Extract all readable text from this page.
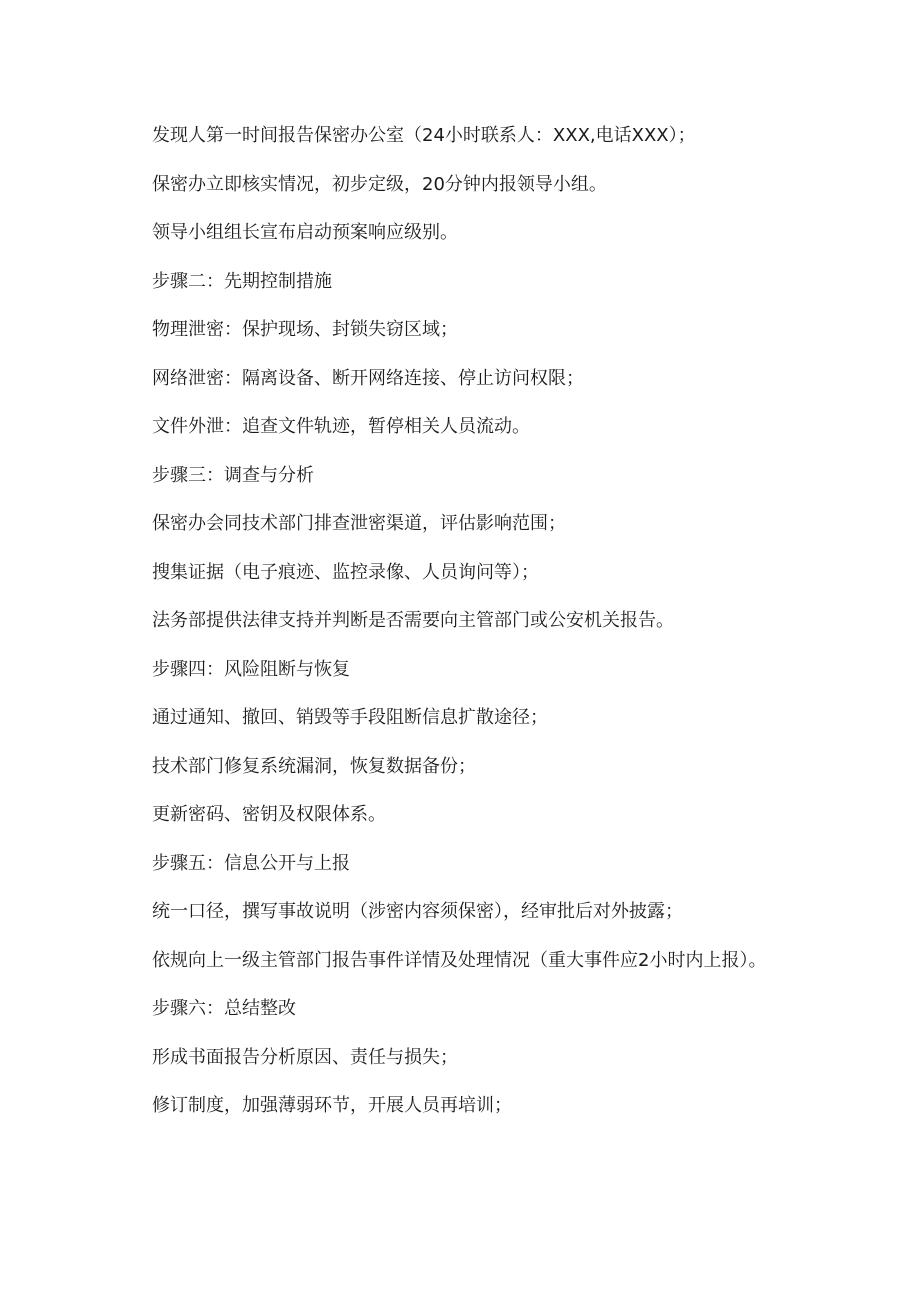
发现人第一时间报告保密办公室（24小时联系人：XXX,电话XXX）；

保密办立即核实情况，初步定级，20分钟内报领导小组。

领导小组组长宣布启动预案响应级别。

步骤二：先期控制措施

物理泄密：保护现场、封锁失窃区域；

网络泄密：隔离设备、断开网络连接、停止访问权限；

文件外泄：追查文件轨迹，暂停相关人员流动。

步骤三：调查与分析

保密办会同技术部门排查泄密渠道，评估影响范围；

搜集证据（电子痕迹、监控录像、人员询问等）；

法务部提供法律支持并判断是否需要向主管部门或公安机关报告。

步骤四：风险阻断与恢复

通过通知、撤回、销毁等手段阻断信息扩散途径；

技术部门修复系统漏洞，恢复数据备份；

更新密码、密钥及权限体系。

步骤五：信息公开与上报

统一口径，撰写事故说明（涉密内容须保密），经审批后对外披露；

依规向上一级主管部门报告事件详情及处理情况（重大事件应2小时内上报）。

步骤六：总结整改

形成书面报告分析原因、责任与损失；

修订制度，加强薄弱环节，开展人员再培训；
